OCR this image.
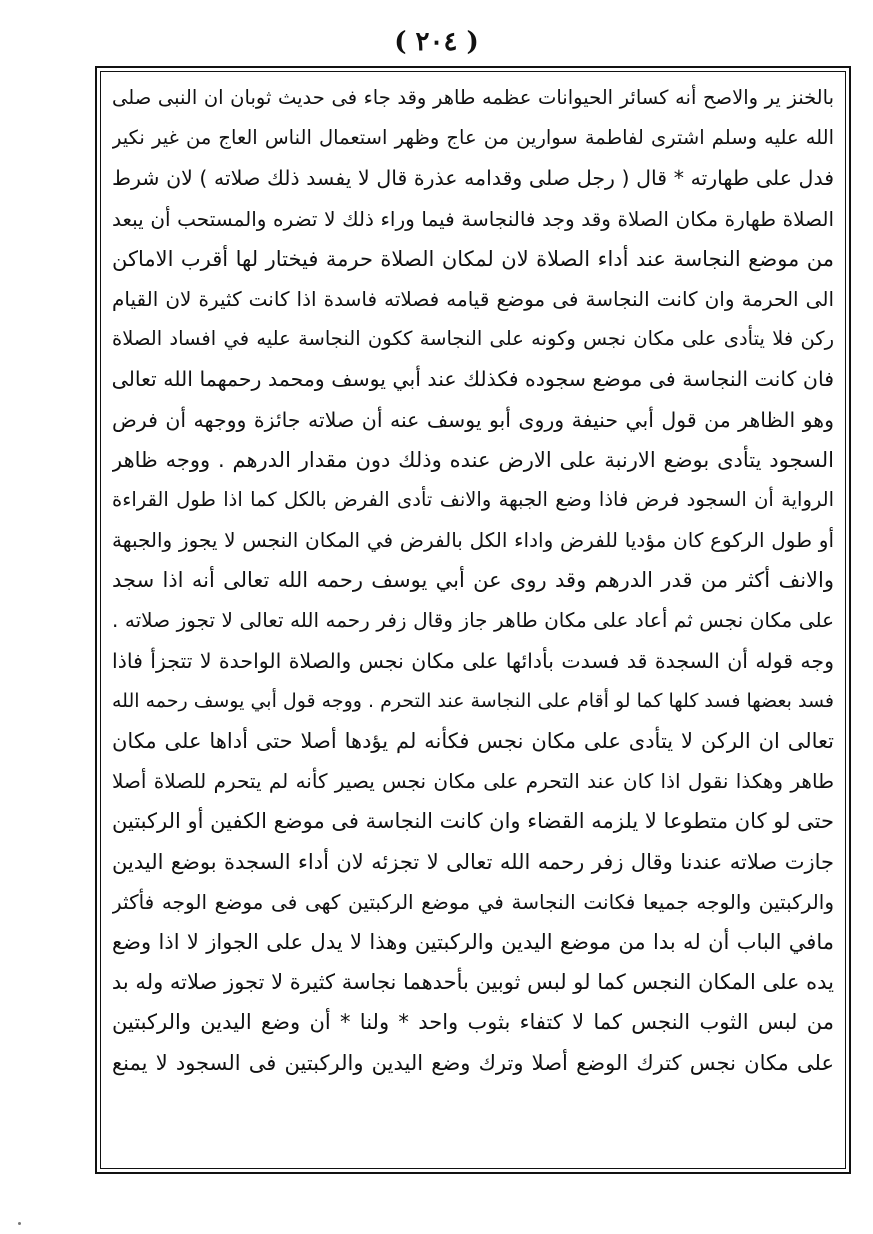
( ٢٠٤ )
بالخنز ير والاصح أنه كسائر الحيوانات عظمه طاهر وقد جاء فى حديث ثوبان ان النبى صلى
الله عليه وسلم اشترى لفاطمة سوارين من عاج وظهر استعمال الناس العاج من غير نكير
فدل على طهارته * قال ( رجل صلى وقدامه عذرة قال لا يفسد ذلك صلاته ) لان شرط
الصلاة طهارة مكان الصلاة وقد وجد فالنجاسة فيما وراء ذلك لا تضره والمستحب أن يبعد
من موضع النجاسة عند أداء الصلاة لان لمكان الصلاة حرمة فيختار لها أقرب الاماكن
الى الحرمة وان كانت النجاسة فى موضع قيامه فصلاته فاسدة اذا كانت كثيرة لان القيام
ركن فلا يتأدى على مكان نجس وكونه على النجاسة ككون النجاسة عليه في افساد الصلاة
فان كانت النجاسة فى موضع سجوده فكذلك عند أبي يوسف ومحمد رحمهما الله تعالى
وهو الظاهر من قول أبي حنيفة وروى أبو يوسف عنه أن صلاته جائزة ووجهه أن فرض
السجود يتأدى بوضع الارنبة على الارض عنده وذلك دون مقدار الدرهم . ووجه ظاهر
الرواية أن السجود فرض فاذا وضع الجبهة والانف تأدى الفرض بالكل كما اذا طول القراءة
أو طول الركوع كان مؤديا للفرض واداء الكل بالفرض في المكان النجس لا يجوز والجبهة
والانف أكثر من قدر الدرهم وقد روى عن أبي يوسف رحمه الله تعالى أنه اذا سجد
على مكان نجس ثم أعاد على مكان طاهر جاز وقال زفر رحمه الله تعالى لا تجوز صلاته .
وجه قوله أن السجدة قد فسدت بأدائها على مكان نجس والصلاة الواحدة لا تتجزأ فاذا
فسد بعضها فسد كلها كما لو أقام على النجاسة عند التحرم . ووجه قول أبي يوسف رحمه الله
تعالى ان الركن لا يتأدى على مكان نجس فكأنه لم يؤدها أصلا حتى أداها على مكان
طاهر وهكذا نقول اذا كان عند التحرم على مكان نجس يصير كأنه لم يتحرم للصلاة أصلا
حتى لو كان متطوعا لا يلزمه القضاء وان كانت النجاسة فى موضع الكفين أو الركبتين
جازت صلاته عندنا وقال زفر رحمه الله تعالى لا تجزئه لان أداء السجدة بوضع اليدين
والركبتين والوجه جميعا فكانت النجاسة في موضع الركبتين كهى فى موضع الوجه فأكثر
مافي الباب أن له بدا من موضع اليدين والركبتين وهذا لا يدل على الجواز لا اذا وضع
يده على المكان النجس كما لو لبس ثوبين بأحدهما نجاسة كثيرة لا تجوز صلاته وله بد
من لبس الثوب النجس كما لا كتفاء بثوب واحد * ولنا * أن وضع اليدين والركبتين
على مكان نجس كترك الوضع أصلا وترك وضع اليدين والركبتين فى السجود لا يمنع
